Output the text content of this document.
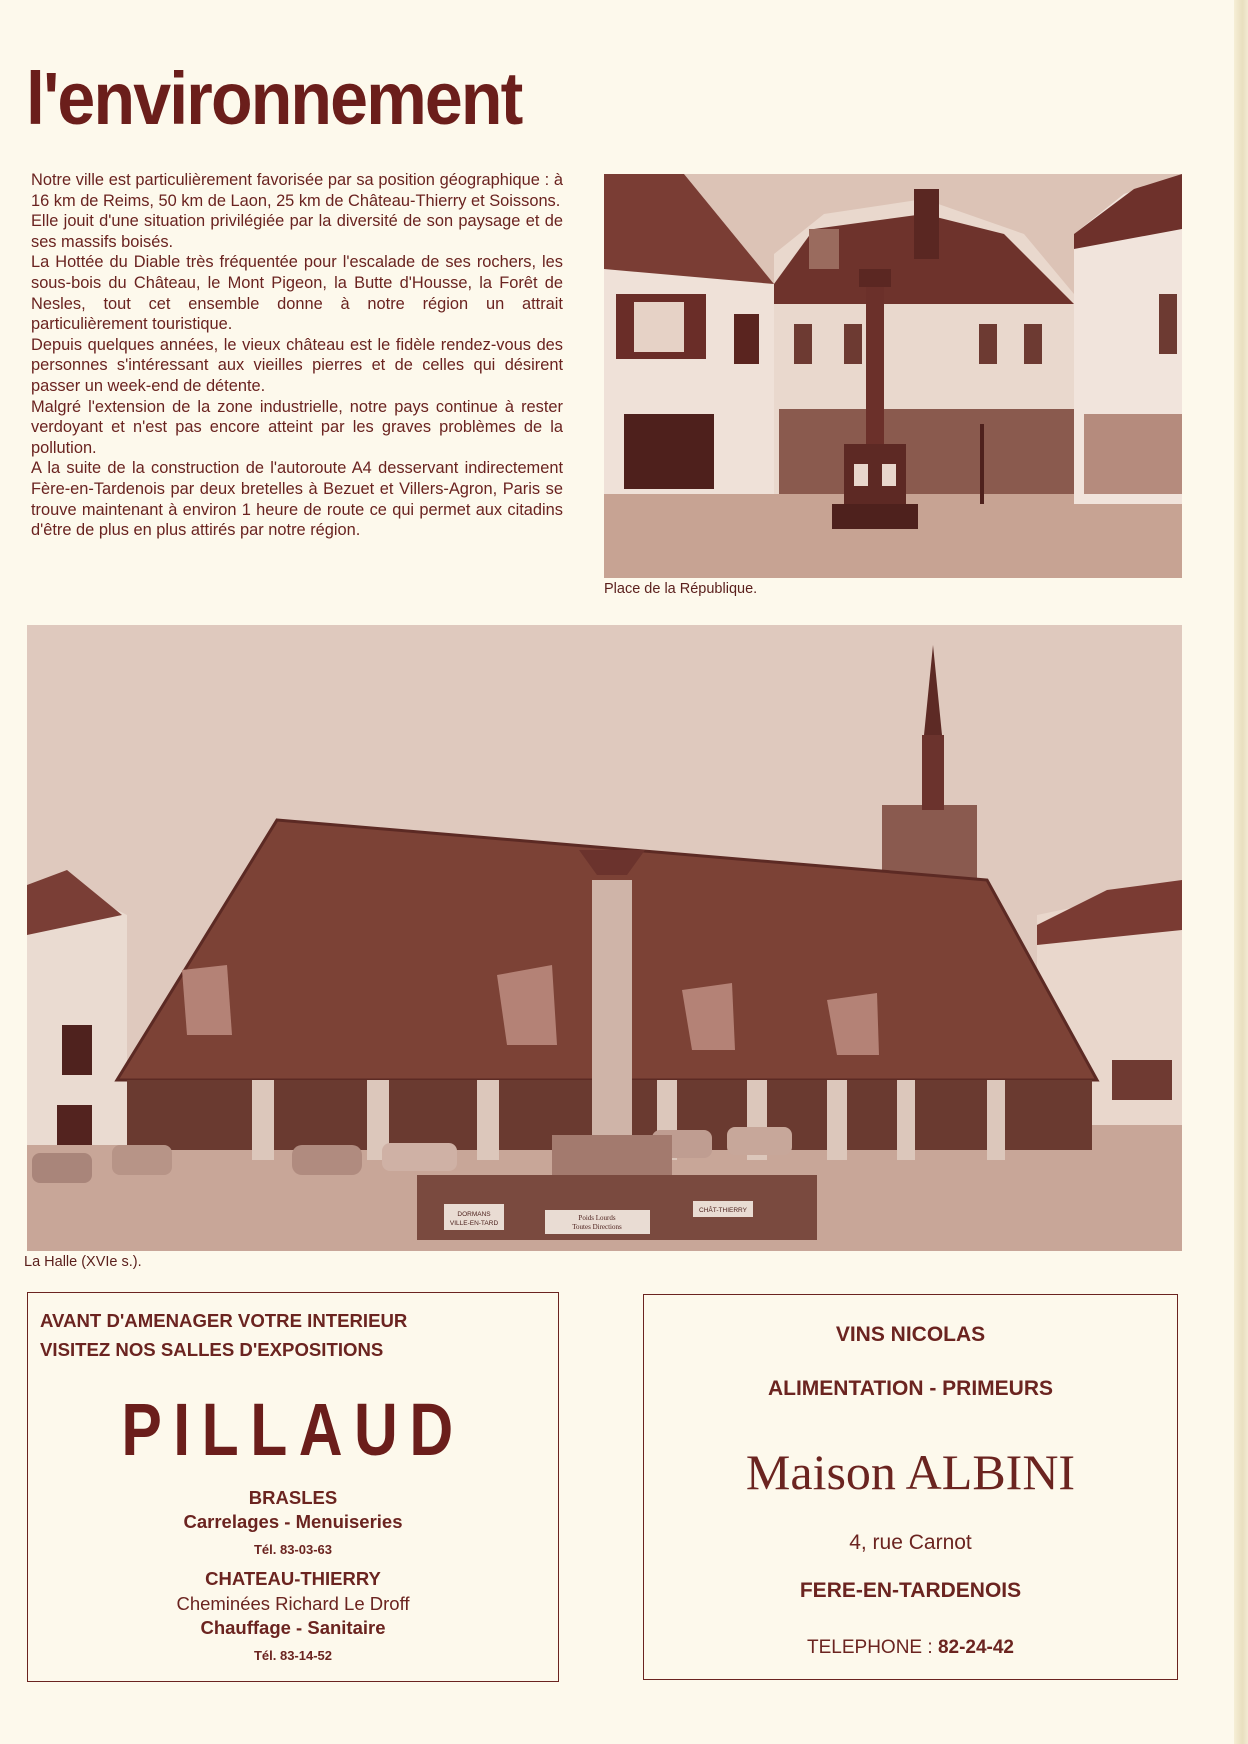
l'environnement

Notre ville est particulièrement favorisée par sa position géographique : à 16 km de Reims, 50 km de Laon, 25 km de Château-Thierry et Soissons.

Elle jouit d'une situation privilégiée par la diversité de son paysage et de ses massifs boisés.

La Hottée du Diable très fréquentée pour l'escalade de ses rochers, les sous-bois du Château, le Mont Pigeon, la Butte d'Housse, la Forêt de Nesles, tout cet ensemble donne à notre région un attrait particulièrement touristique.

Depuis quelques années, le vieux château est le fidèle rendez-vous des personnes s'intéressant aux vieilles pierres et de celles qui désirent passer un week-end de détente.

Malgré l'extension de la zone industrielle, notre pays continue à rester verdoyant et n'est pas encore atteint par les graves problèmes de la pollution.

A la suite de la construction de l'autoroute A4 desservant indirectement Fère-en-Tardenois par deux bretelles à Bezuet et Villers-Agron, Paris se trouve maintenant à environ 1 heure de route ce qui permet aux citadins d'être de plus en plus attirés par notre région.

Place de la République.

DORMANS
VILLE-EN-TARD
Poids Lourds
Toutes Directions
CHÂT-THIERRY

La Halle (XVIe s.).

AVANT D'AMENAGER VOTRE INTERIEUR

VISITEZ NOS SALLES D'EXPOSITIONS

PILLAUD

BRASLES

Carrelages - Menuiseries

Tél. 83-03-63

CHATEAU-THIERRY

Cheminées Richard Le Droff

Chauffage - Sanitaire

Tél. 83-14-52

VINS NICOLAS

ALIMENTATION - PRIMEURS

Maison ALBINI

4, rue Carnot

FERE-EN-TARDENOIS

TELEPHONE : 82-24-42
